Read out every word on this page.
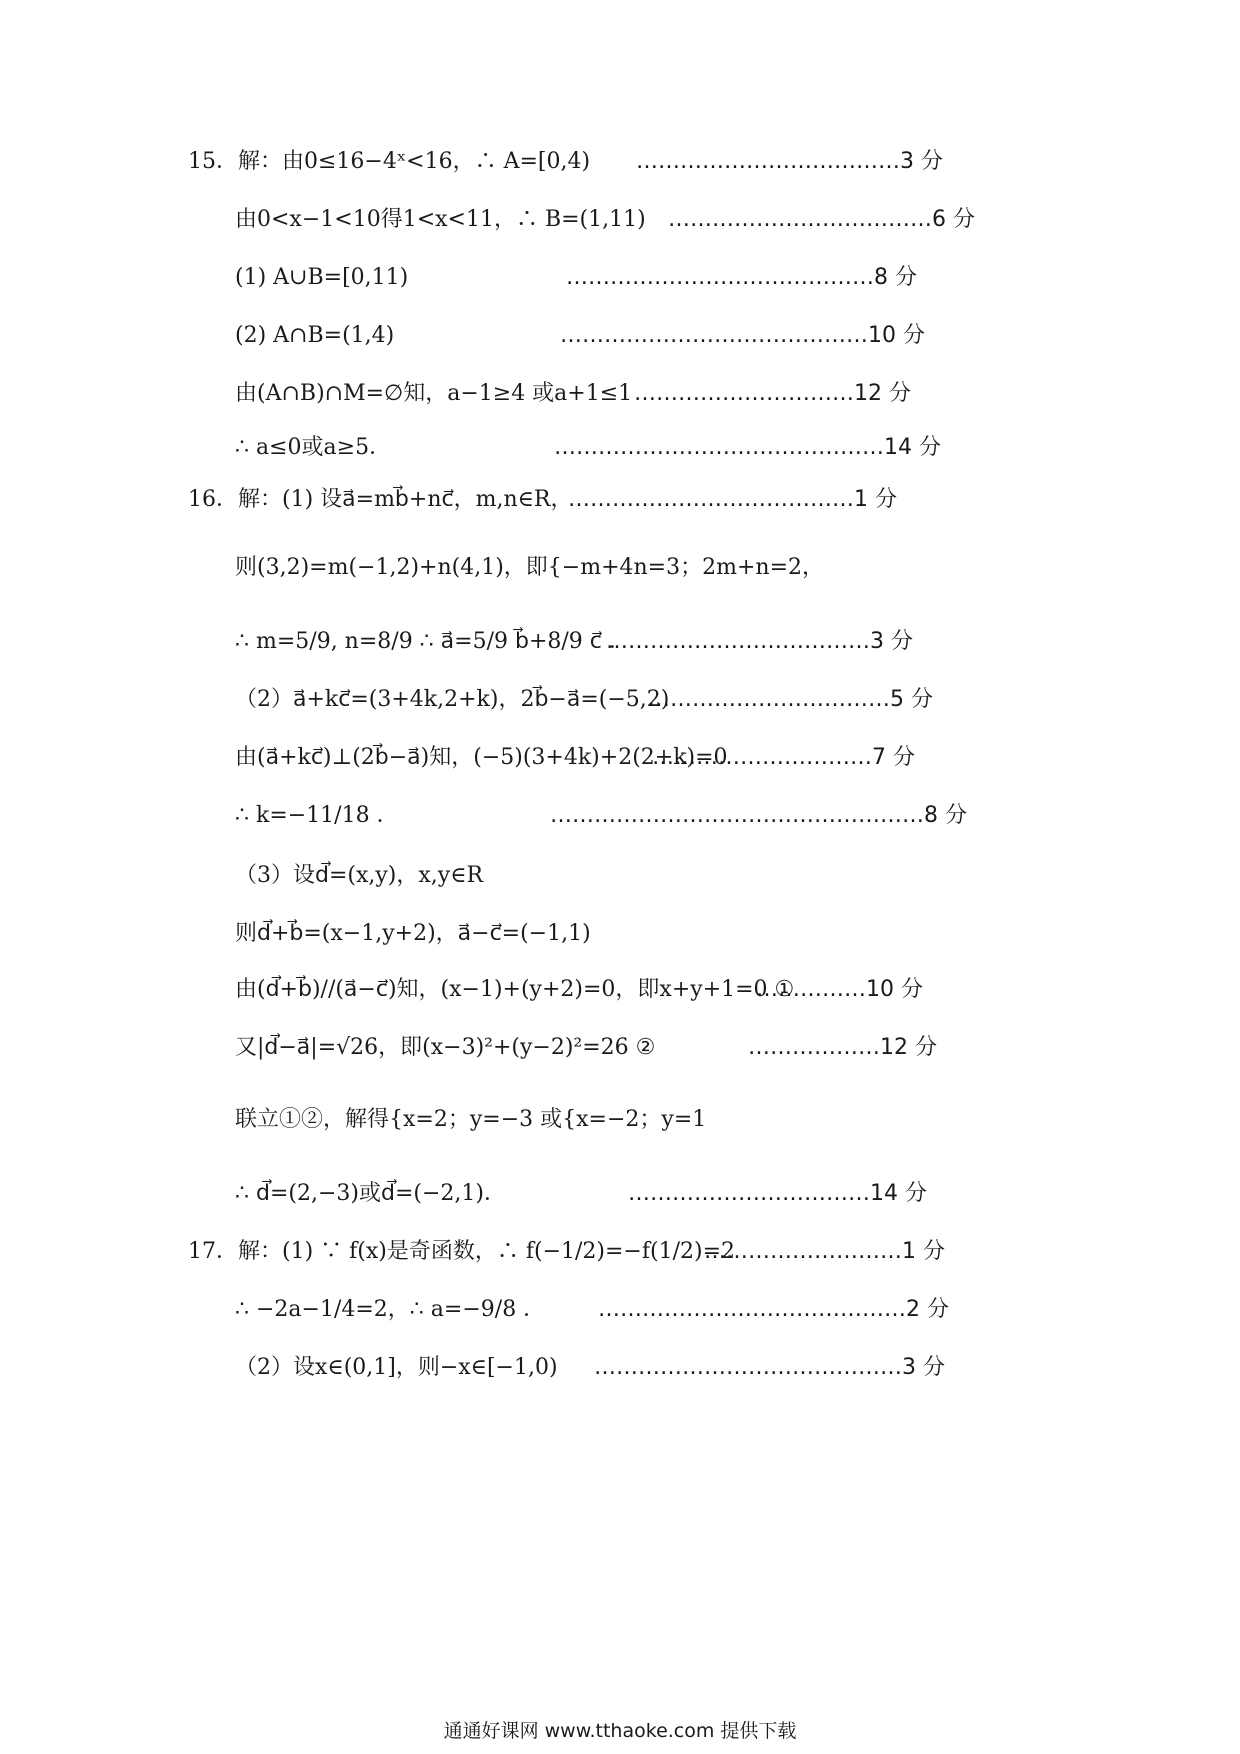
15．解：由0≤16−4ˣ<16，∴ A=[0,4) ………………………………3 分
由0<x−1<10得1<x<11，∴ B=(1,11) ………………………………6 分
(1) A∪B=[0,11)	……………………………………8 分
(2) A∩B=(1,4)	……………………………………10 分
由(A∩B)∩M=∅知，a−1≥4 或a+1≤1 …………………………12 分
∴ a≤0或a≥5．	………………………………………14 分
16．解：(1) 设a⃗=mb⃗+nc⃗，m,n∈R，
…………………………………1 分
则(3,2)=m(−1,2)+n(4,1)，即{−m+4n=3；2m+n=2，
∴ m=5/9, n=8/9 ∴ a⃗=5/9 b⃗+8/9 c⃗ ．
………………………………3 分
（2）a⃗+kc⃗=(3+4k,2+k)，2b⃗−a⃗=(−5,2)
……………………………5 分
由(a⃗+kc⃗)⊥(2b⃗−a⃗)知，(−5)(3+4k)+2(2+k)=0
…………………………7 分
∴ k=−11/18 ．	……………………………………………8 分
（3）设d⃗=(x,y)，x,y∈R
则d⃗+b⃗=(x−1,y+2)，a⃗−c⃗=(−1,1)
由(d⃗+b⃗)//(a⃗−c⃗)知，(x−1)+(y+2)=0，即x+y+1=0 ①
……………10 分
又|d⃗−a⃗|=√26，即(x−3)²+(y−2)²=26 ②	………………12 分
联立①②，解得{x=2；y=−3 或{x=−2；y=1
∴ d⃗=(2,−3)或d⃗=(−2,1)．	……………………………14 分
17．解：(1) ∵ f(x)是奇函数，∴ f(−1/2)=−f(1/2)=2
………………………1 分
∴ −2a−1/4=2，∴ a=−9/8 ． ……………………………………2 分
（2）设x∈(0,1]，则−x∈[−1,0) ……………………………………3 分
通通好课网 www.tthaoke.com 提供下载
